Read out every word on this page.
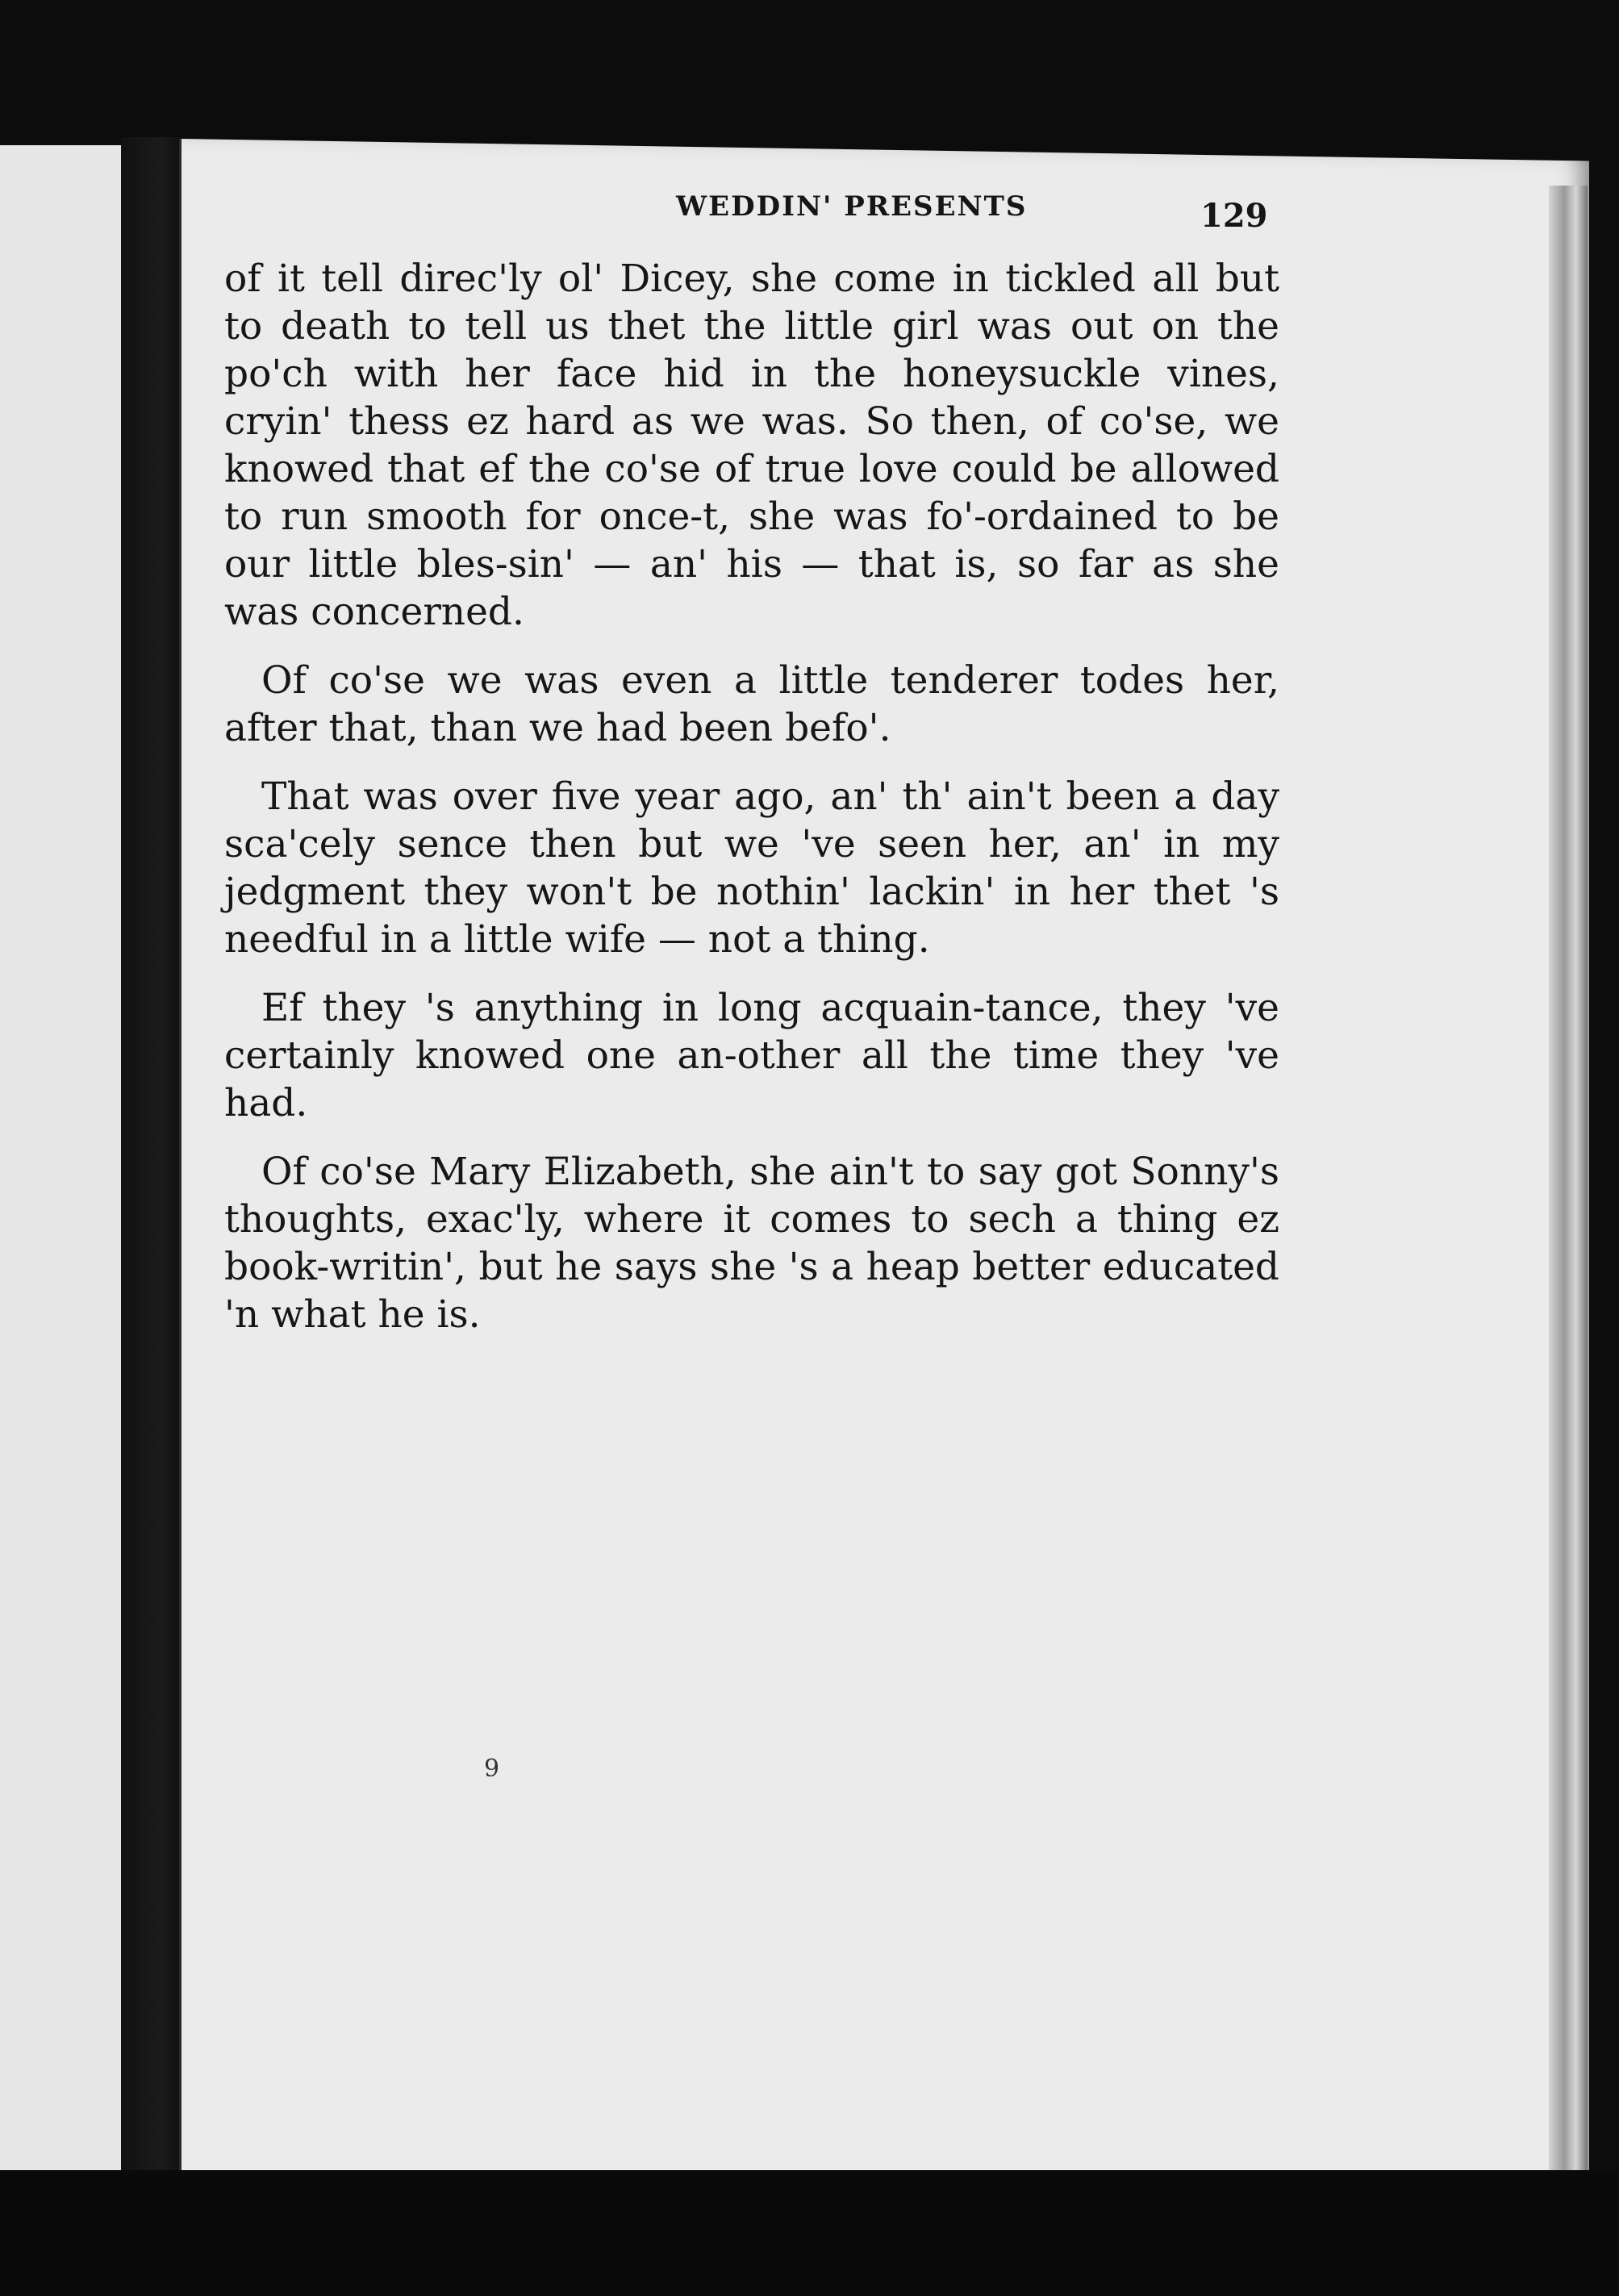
WEDDIN' PRESENTS	129

of it tell direc'ly ol' Dicey, she come in tickled all but to death to tell us thet the little girl was out on the po'ch with her face hid in the honeysuckle vines, cryin' thess ez hard as we was. So then, of co'se, we knowed that ef the co'se of true love could be allowed to run smooth for once-t, she was fo'-ordained to be our little bles-sin' — an' his — that is, so far as she was concerned.

Of co'se we was even a little tenderer todes her, after that, than we had been befo'.

That was over five year ago, an' th' ain't been a day sca'cely sence then but we 've seen her, an' in my jedgment they won't be nothin' lackin' in her thet 's needful in a little wife — not a thing.

Ef they 's anything in long acquain-tance, they 've certainly knowed one an-other all the time they 've had.

Of co'se Mary Elizabeth, she ain't to say got Sonny's thoughts, exac'ly, where it comes to sech a thing ez book-writin', but he says she 's a heap better educated 'n what he is.

9
